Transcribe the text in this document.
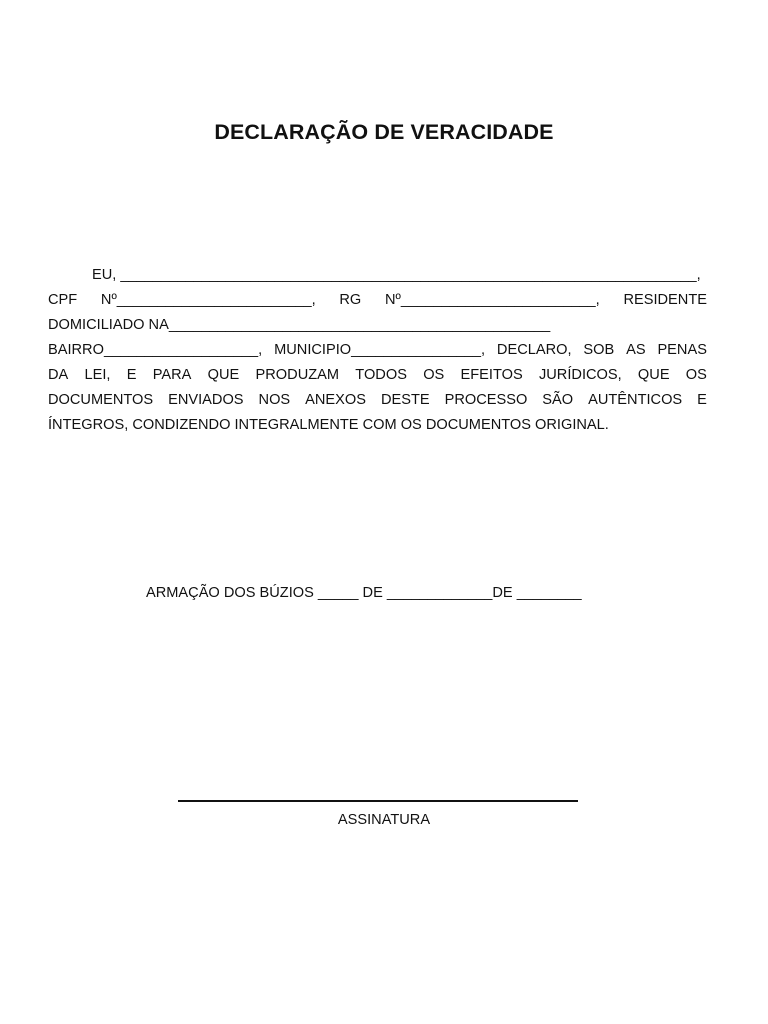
DECLARAÇÃO DE VERACIDADE
EU, _______________________________________________________________________,
CPF Nº________________________, RG Nº________________________, RESIDENTE
DOMICILIADO NA_______________________________________________
BAIRRO___________________, MUNICIPIO________________, DECLARO, SOB AS PENAS
DA LEI, E PARA QUE PRODUZAM TODOS OS EFEITOS JURÍDICOS, QUE OS
DOCUMENTOS ENVIADOS NOS ANEXOS DESTE PROCESSO SÃO AUTÊNTICOS E
ÍNTEGROS, CONDIZENDO INTEGRALMENTE COM OS DOCUMENTOS ORIGINAL.
ARMAÇÃO DOS BÚZIOS _____ DE _____________DE ________
ASSINATURA
